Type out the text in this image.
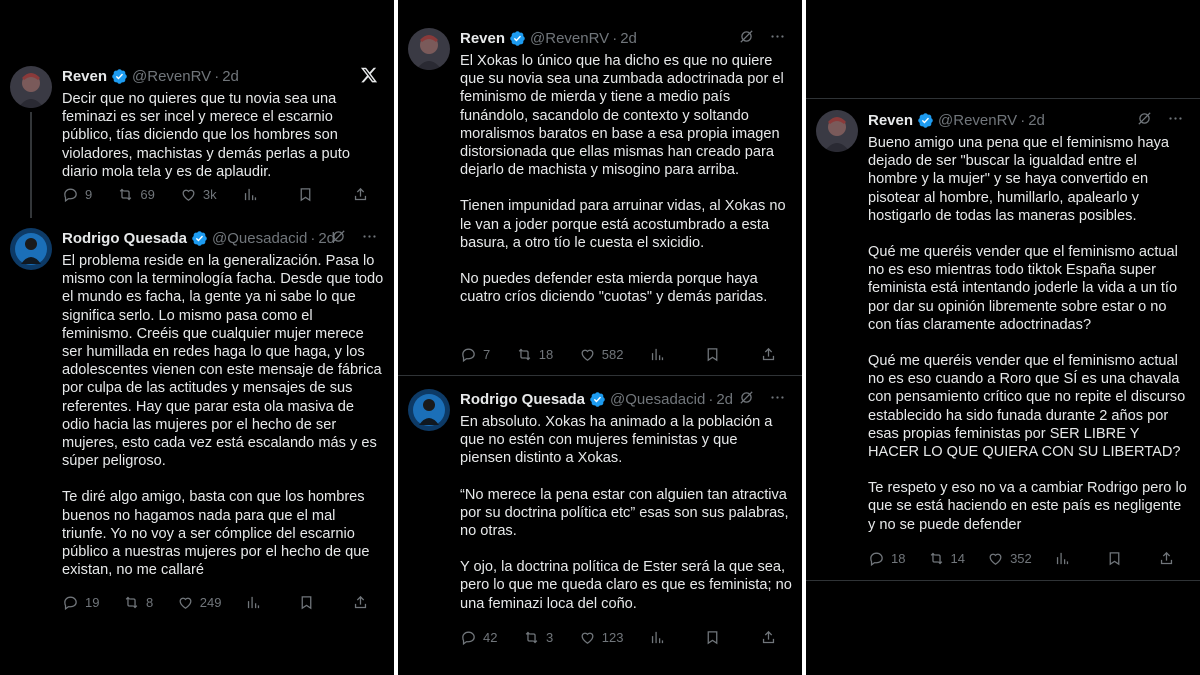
Reven @RevenRV · 2d
Decir que no quieres que tu novia sea una feminazi es ser incel y merece el escarnio público, tías diciendo que los hombres son violadores, machistas y demás perlas a puto diario mola tela y es de aplaudir.
9	69	3k
Rodrigo Quesada @Quesadacid · 2d
El problema reside en la generalización. Pasa lo mismo con la terminología facha. Desde que todo el mundo es facha, la gente ya ni sabe lo que significa serlo. Lo mismo pasa como el feminismo. Creéis que cualquier mujer merece ser humillada en redes haga lo que haga, y los adolescentes vienen con este mensaje de fábrica por culpa de las actitudes y mensajes de sus referentes. Hay que parar esta ola masiva de odio hacia las mujeres por el hecho de ser mujeres, esto cada vez está escalando más y es súper peligroso.
Te diré algo amigo, basta con que los hombres buenos no hagamos nada para que el mal triunfe. Yo no voy a ser cómplice del escarnio público a nuestras mujeres por el hecho de que existan, no me callaré
19	8	249
Reven @RevenRV · 2d
El Xokas lo único que ha dicho es que no quiere que su novia sea una zumbada adoctrinada por el feminismo de mierda y tiene a medio país funándolo, sacandolo de contexto y soltando moralismos baratos en base a esa propia imagen distorsionada que ellas mismas han creado para dejarlo de machista y misogino para arriba.
Tienen impunidad para arruinar vidas, al Xokas no le van a joder porque está acostumbrado a esta basura, a otro tío le cuesta el sxicidio.
No puedes defender esta mierda porque haya cuatro críos diciendo "cuotas" y demás paridas.
7	18	582
Rodrigo Quesada @Quesadacid · 2d
En absoluto. Xokas ha animado a la población a que no estén con mujeres feministas y que piensen distinto a Xokas.
“No merece la pena estar con alguien tan atractiva por su doctrina política etc” esas son sus palabras, no otras.
Y ojo, la doctrina política de Ester será la que sea, pero lo que me queda claro es que es feminista; no una feminazi loca del coño.
42	3	123
Reven @RevenRV · 2d
Bueno amigo una pena que el feminismo haya dejado de ser "buscar la igualdad entre el hombre y la mujer" y se haya convertido en pisotear al hombre, humillarlo, apalearlo y hostigarlo de todas las maneras posibles.
Qué me queréis vender que el feminismo actual no es eso mientras todo tiktok España super feminista está intentando joderle la vida a un tío por dar su opinión libremente sobre estar o no con tías claramente adoctrinadas?
Qué me queréis vender que el feminismo actual no es eso cuando a Roro que SÍ es una chavala con pensamiento crítico que no repite el discurso establecido ha sido funada durante 2 años por esas propias feministas por SER LIBRE Y HACER LO QUE QUIERA CON SU LIBERTAD?
Te respeto y eso no va a cambiar Rodrigo pero lo que se está haciendo en este país es negligente y no se puede defender
18	14	352
